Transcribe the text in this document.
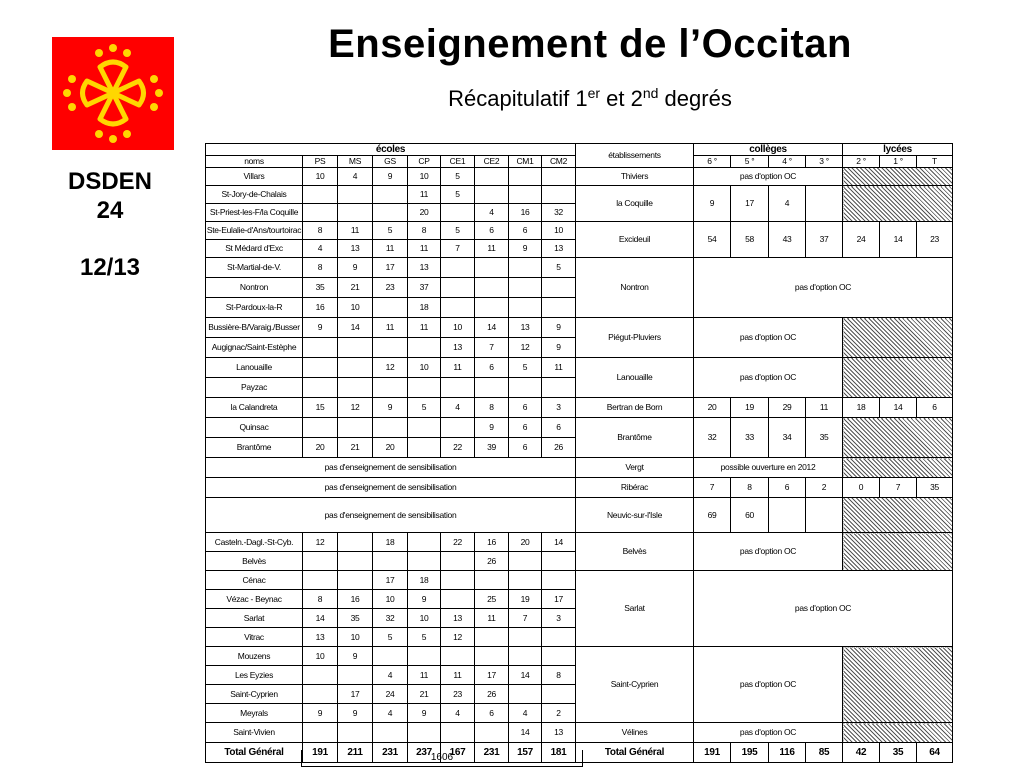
Enseignement de l’Occitan
Récapitulatif 1er et 2nd degrés
DSDEN
24
12/13
écoles									établissements	collèges				lycées		
noms	PS	MS	GS	CP	CE1	CE2	CM1	CM2		6 °	5 °	4 °	3 °	2 °	1 °	T
Villars	10	4	9	10	5				Thiviers	pas d'option OC						
St-Jory-de-Chalais				11	5				la Coquille	9	17	4				
St-Priest-les-F/la Coquille				20		4	16	32								
Ste-Eulalie-d'Ans/tourtoirac	8	11	5	8	5	6	6	10	Excideuil	54	58	43	37	24	14	23
St Médard d'Exc	4	13	11	11	7	11	9	13								
St-Martial-de-V.	8	9	17	13				5	Nontron	pas d'option OC						
Nontron	35	21	23	37												
St-Pardoux-la-R	16	10		18												
Bussière-B/Varaig./Busser	9	14	11	11	10	14	13	9	Piégut-Pluviers	pas d'option OC						
Augignac/Saint-Estèphe					13	7	12	9								
Lanouaille			12	10	11	6	5	11	Lanouaille	pas d'option OC						
Payzac																
la Calandreta	15	12	9	5	4	8	6	3	Bertran de Born	20	19	29	11	18	14	6
Quinsac						9	6	6	Brantôme	32	33	34	35			
Brantôme	20	21	20		22	39	6	26								
pas d'enseignement de sensibilisation									Vergt	possible ouverture en 2012						
pas d'enseignement de sensibilisation									Ribérac	7	8	6	2	0	7	35
pas d'enseignement de sensibilisation									Neuvic-sur-l'Isle	69	60					
Casteln.-Dagl.-St-Cyb.	12		18		22	16	20	14	Belvès	pas d'option OC						
Belvès						26										
Cénac			17	18					Sarlat	pas d'option OC						
Vézac - Beynac	8	16	10	9		25	19	17								
Sarlat	14	35	32	10	13	11	7	3								
Vitrac	13	10	5	5	12											
Mouzens	10	9							Saint-Cyprien	pas d'option OC						
Les Eyzies			4	11	11	17	14	8								
Saint-Cyprien		17	24	21	23	26										
Meyrals	9	9	4	9	4	6	4	2								
Saint-Vivien							14	13	Vélines	pas d'option OC						
Total Général	191	211	231	237	167	231	157	181	Total Général	191	195	116	85	42	35	64
1606
